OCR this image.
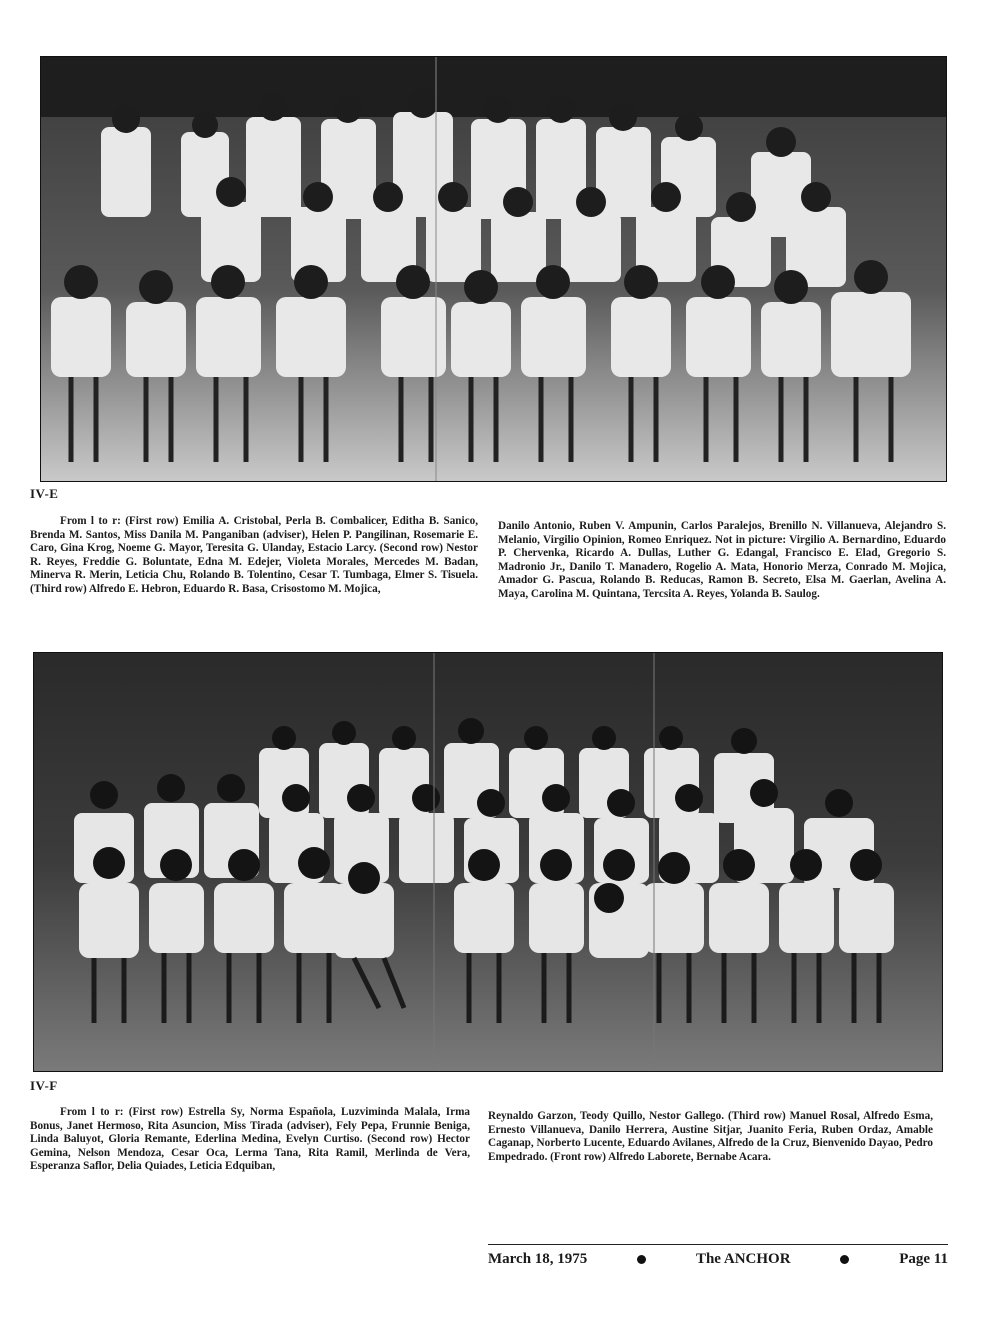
IV-E
From l to r: (First row) Emilia A. Cristobal, Perla B. Combalicer, Editha B. Sanico, Brenda M. Santos, Miss Danila M. Panganiban (adviser), Helen P. Pangilinan, Rosemarie E. Caro, Gina Krog, Noeme G. Mayor, Teresita G. Ulanday, Estacio Larcy. (Second row) Nestor R. Reyes, Freddie G. Boluntate, Edna M. Edejer, Violeta Morales, Mercedes M. Badan, Minerva R. Merin, Leticia Chu, Rolando B. Tolentino, Cesar T. Tumbaga, Elmer S. Tisuela. (Third row) Alfredo E. Hebron, Eduardo R. Basa, Crisostomo M. Mojica,
Danilo Antonio, Ruben V. Ampunin, Carlos Paralejos, Brenillo N. Villanueva, Alejandro S. Melanio, Virgilio Opinion, Romeo Enriquez. Not in picture: Virgilio A. Bernardino, Eduardo P. Chervenka, Ricardo A. Dullas, Luther G. Edangal, Francisco E. Elad, Gregorio S. Madronio Jr., Danilo T. Manadero, Rogelio A. Mata, Honorio Merza, Conrado M. Mojica, Amador G. Pascua, Rolando B. Reducas, Ramon B. Secreto, Elsa M. Gaerlan, Avelina A. Maya, Carolina M. Quintana, Tercsita A. Reyes, Yolanda B. Saulog.
IV-F
From l to r: (First row) Estrella Sy, Norma Española, Luzviminda Malala, Irma Bonus, Janet Hermoso, Rita Asuncion, Miss Tirada (adviser), Fely Pepa, Frunnie Beniga, Linda Baluyot, Gloria Remante, Ederlina Medina, Evelyn Curtiso. (Second row) Hector Gemina, Nelson Mendoza, Cesar Oca, Lerma Tana, Rita Ramil, Merlinda de Vera, Esperanza Saflor, Delia Quiades, Leticia Edquiban,
Reynaldo Garzon, Teody Quillo, Nestor Gallego. (Third row) Manuel Rosal, Alfredo Esma, Ernesto Villanueva, Danilo Herrera, Austine Sitjar, Juanito Feria, Ruben Ordaz, Amable Caganap, Norberto Lucente, Eduardo Avilanes, Alfredo de la Cruz, Bienvenido Dayao, Pedro Empedrado. (Front row) Alfredo Laborete, Bernabe Acara.
March 18, 1975	The ANCHOR	Page 11
